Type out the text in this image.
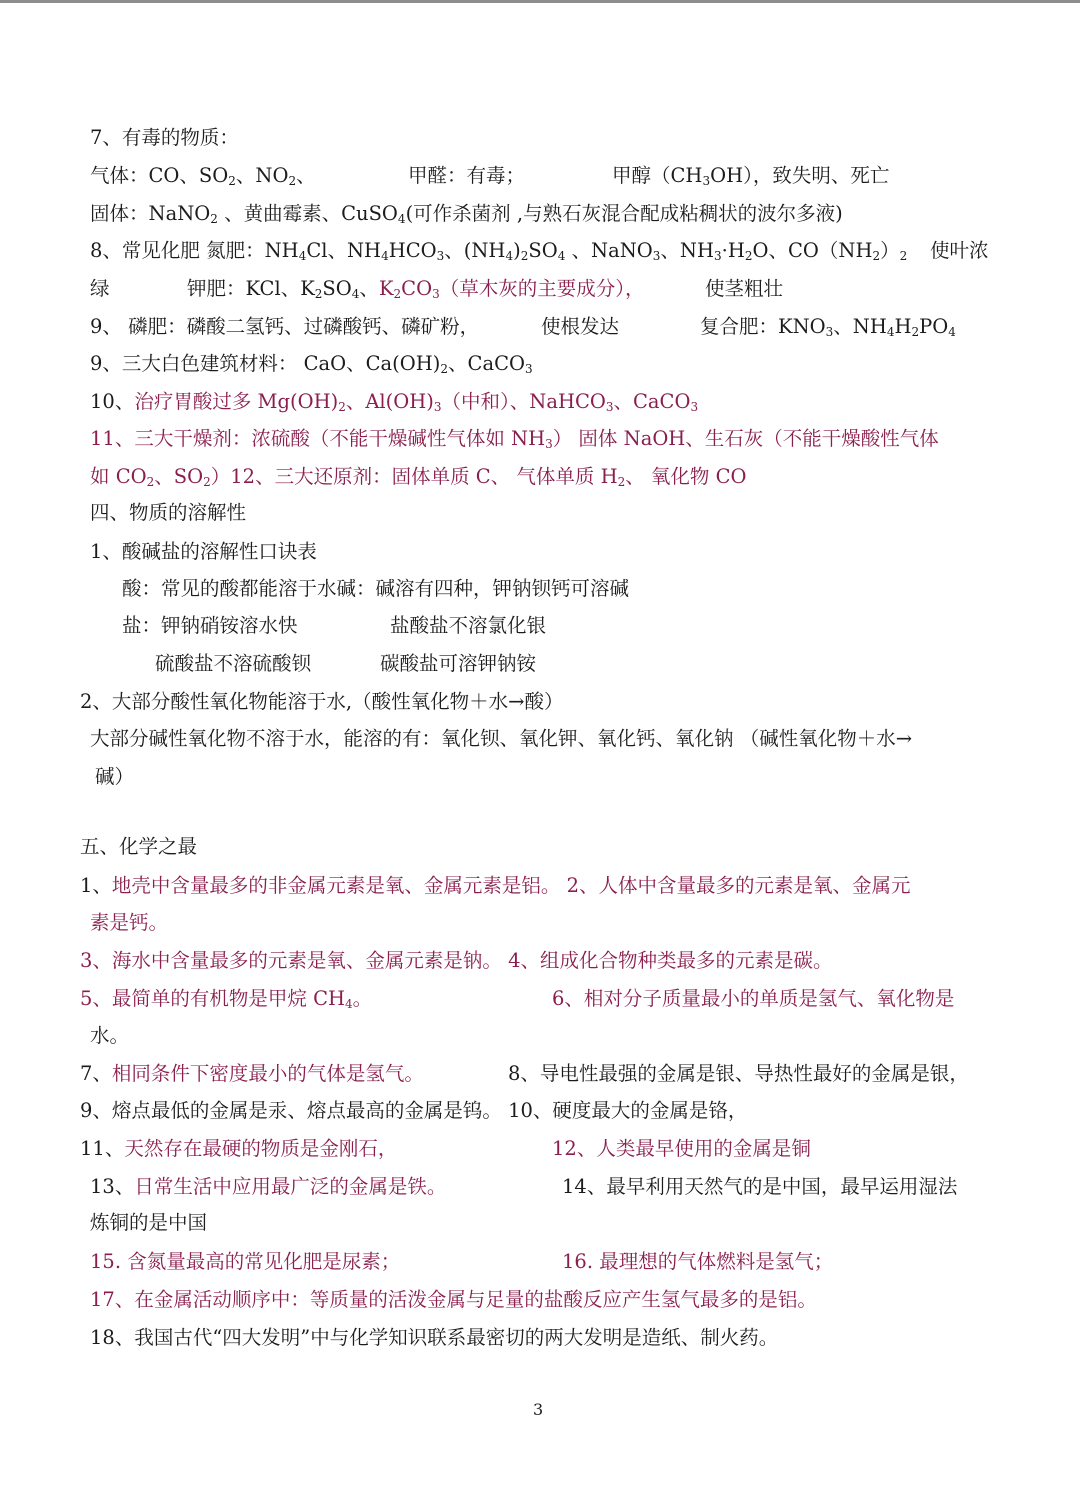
7、有毒的物质：
气体：CO、$SO_2$、$NO_2$、	甲醛：有毒；	甲醇$(CH_3OH)$，致失明、死亡
固体：NaNO$_2$ 、黄曲霉素、CuSO$_4$(可作杀菌剂 ,与熟石灰混合配成粘稠状的波尔多液)
8、常见化肥 氮肥：$NH_4Cl$、$NH_4HCO_3$、$(NH_4)_2SO_4$ 、NaNO$_3$、$NH_3\cdot H_2O$、$CO(NH_2)_2$ 使叶浓
绿	钾肥：KCl、$K_2SO_4$、$K_2CO_3$（草木灰的主要成分），	使茎粗壮
9、 磷肥：磷酸二氢钙、过磷酸钙、磷矿粉，	使根发达	复合肥：$KNO_3$、$NH_4H_2PO_4$
9、三大白色建筑材料： CaO、$Ca(OH)_2$、CaCO$_3$
10、治疗胃酸过多 $Mg(OH)_2$、$Al(OH)_3$（中和）、NaHCO$_3$、CaCO$_3$
11、三大干燥剂：浓硫酸（不能干燥碱性气体如 $NH_3$） 固体 NaOH、生石灰（不能干燥酸性气体
如 $CO_2$、$SO_2)12$、三大还原剂：固体单质 C、 气体单质 $H_2$、 氧化物 CO
四、物质的溶解性
1、酸碱盐的溶解性口诀表
酸：常见的酸都能溶于水碱：碱溶有四种，钾钠钡钙可溶碱
盐：钾钠硝铵溶水快	盐酸盐不溶氯化银
硫酸盐不溶硫酸钡	碳酸盐可溶钾钠铵
2、大部分酸性氧化物能溶于水,（酸性氧化物＋水→酸）
大部分碱性氧化物不溶于水，能溶的有：氧化钡、氧化钾、氧化钙、氧化钠 （碱性氧化物＋水→
碱）
五、化学之最
1、地壳中含量最多的非金属元素是氧、金属元素是铝。 2、人体中含量最多的元素是氧、金属元
素是钙。
3、海水中含量最多的元素是氧、金属元素是钠。 4、组成化合物种类最多的元素是碳。
5、最简单的有机物是甲烷 $CH_4$。	6、相对分子质量最小的单质是氢气、氧化物是
水。
7、相同条件下密度最小的气体是氢气。	8、导电性最强的金属是银、导热性最好的金属是银，
9、熔点最低的金属是汞、熔点最高的金属是钨。 10、硬度最大的金属是铬，
11、天然存在最硬的物质是金刚石，	12、人类最早使用的金属是铜
13、日常生活中应用最广泛的金属是铁。	14、最早利用天然气的是中国，最早运用湿法
炼铜的是中国
15. 含氮量最高的常见化肥是尿素；	16. 最理想的气体燃料是氢气；
17、在金属活动顺序中：等质量的活泼金属与足量的盐酸反应产生氢气最多的是铝。
18、我国古代“四大发明”中与化学知识联系最密切的两大发明是造纸、制火药。
3
